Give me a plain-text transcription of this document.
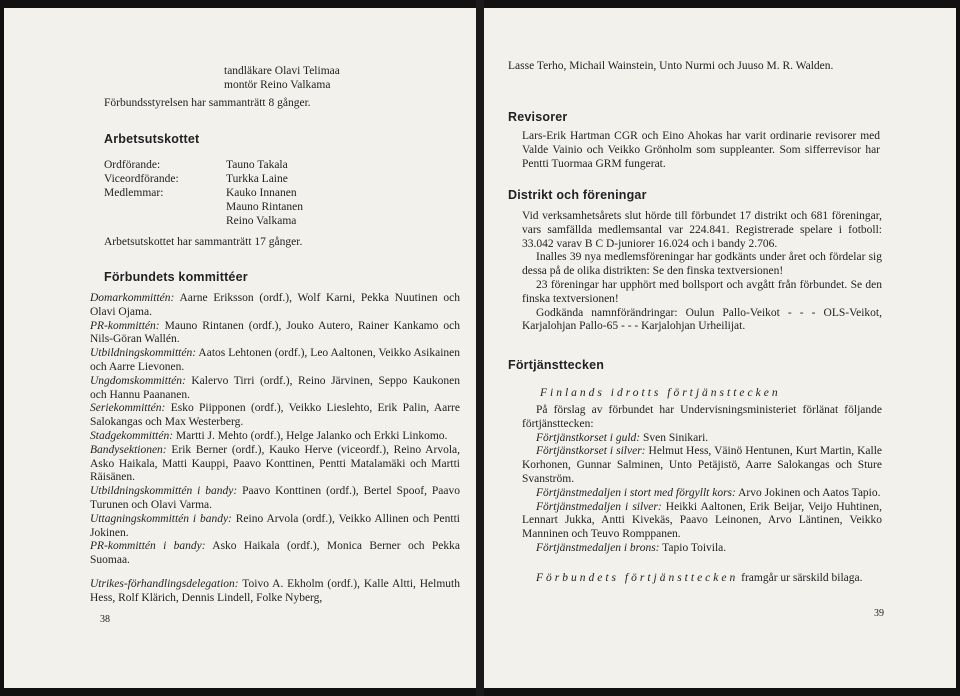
tandläkare Olavi Telimaa
montör Reino Valkama
Förbundsstyrelsen har sammanträtt 8 gånger.
Arbetsutskottet
Ordförande:	Tauno Takala
Viceordförande:	Turkka Laine
Medlemmar:	Kauko Innanen
Mauno Rintanen
Reino Valkama
Arbetsutskottet har sammanträtt 17 gånger.
Förbundets kommittéer

Domarkommittén: Aarne Eriksson (ordf.), Wolf Karni, Pekka Nuutinen och Olavi Ojama.

PR-kommittén: Mauno Rintanen (ordf.), Jouko Autero, Rainer Kankamo och Nils-Göran Wallén.

Utbildningskommittén: Aatos Lehtonen (ordf.), Leo Aaltonen, Veikko Asikainen och Aarre Lievonen.

Ungdomskommittén: Kalervo Tirri (ordf.), Reino Järvinen, Seppo Kaukonen och Hannu Paananen.

Seriekommittén: Esko Piipponen (ordf.), Veikko Lieslehto, Erik Palin, Aarre Salokangas och Max Westerberg.

Stadgekommittén: Martti J. Mehto (ordf.), Helge Jalanko och Erkki Linkomo.

Bandysektionen: Erik Berner (ordf.), Kauko Herve (viceordf.), Reino Arvola, Asko Haikala, Matti Kauppi, Paavo Konttinen, Pentti Matalamäki och Martti Räisänen.

Utbildningskommittén i bandy: Paavo Konttinen (ordf.), Bertel Spoof, Paavo Turunen och Olavi Varma.

Uttagningskommittén i bandy: Reino Arvola (ordf.), Veikko Allinen och Pentti Jokinen.

PR-kommittén i bandy: Asko Haikala (ordf.), Monica Berner och Pekka Suomaa.

Utrikes-förhandlingsdelegation: Toivo A. Ekholm (ordf.), Kalle Altti, Helmuth Hess, Rolf Klärich, Dennis Lindell, Folke Nyberg,

38
Lasse Terho, Michail Wainstein, Unto Nurmi och Juuso M. R. Walden.
Revisorer
Lars-Erik Hartman CGR och Eino Ahokas har varit ordinarie revisorer med Valde Vainio och Veikko Grönholm som suppleanter. Som sifferrevisor har Pentti Tuormaa GRM fungerat.
Distrikt och föreningar

Vid verksamhetsårets slut hörde till förbundet 17 distrikt och 681 föreningar, vars samfällda medlemsantal var 224.841. Registrerade spelare i fotboll: 33.042 varav B C D-juniorer 16.024 och i bandy 2.706.

Inalles 39 nya medlemsföreningar har godkänts under året och fördelar sig dessa på de olika distrikten: Se den finska textversionen!

23 föreningar har upphört med bollsport och avgått från förbundet. Se den finska textversionen!

Godkända namnförändringar: Oulun Pallo-Veikot - - - OLS-Veikot, Karjalohjan Pallo-65 - - - Karjalohjan Urheilijat.

Förtjänsttecken
Finlands idrotts förtjänsttecken

På förslag av förbundet har Undervisningsministeriet förlänat följande förtjänsttecken:

Förtjänstkorset i guld: Sven Sinikari.

Förtjänstkorset i silver: Helmut Hess, Väinö Hentunen, Kurt Martin, Kalle Korhonen, Gunnar Salminen, Unto Petäjistö, Aarre Salokangas och Sture Svanström.

Förtjänstmedaljen i stort med förgyllt kors: Arvo Jokinen och Aatos Tapio.

Förtjänstmedaljen i silver: Heikki Aaltonen, Erik Beijar, Veijo Huhtinen, Lennart Jukka, Antti Kivekäs, Paavo Leinonen, Arvo Läntinen, Veikko Manninen och Teuvo Romppanen.

Förtjänstmedaljen i brons: Tapio Toivila.

Förbundets förtjänsttecken framgår ur särskild bilaga.

39
